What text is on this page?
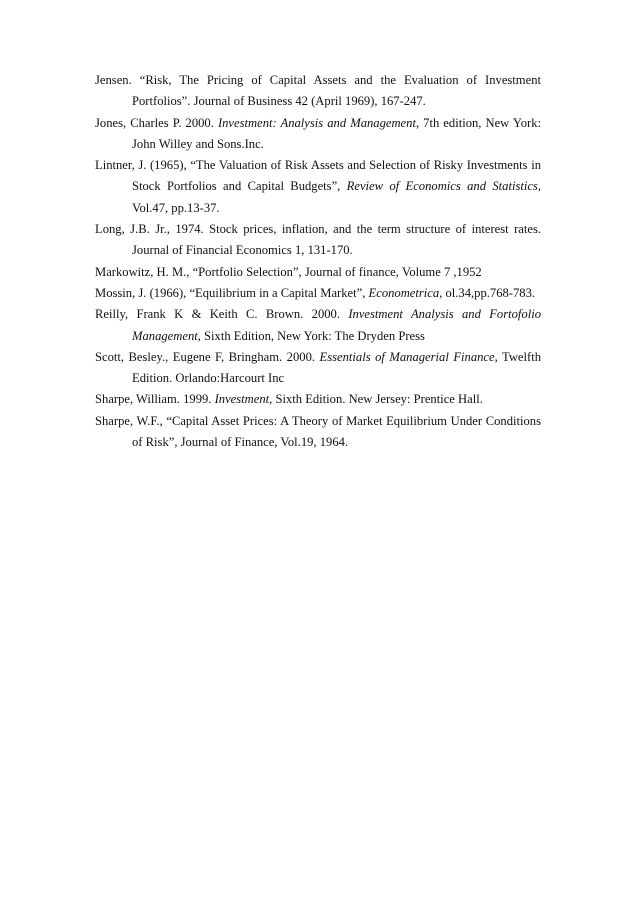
Jensen. “Risk, The Pricing of Capital Assets and the Evaluation of Investment Portfolios”. Journal of Business 42 (April 1969), 167-247.

Jones, Charles P. 2000. Investment: Analysis and Management, 7th edition, New York: John Willey and Sons.Inc.

Lintner, J. (1965), “The Valuation of Risk Assets and Selection of Risky Investments in Stock Portfolios and Capital Budgets”, Review of Economics and Statistics, Vol.47, pp.13-37.

Long, J.B. Jr., 1974. Stock prices, inflation, and the term structure of interest rates. Journal of Financial Economics 1, 131-170.

Markowitz, H. M., “Portfolio Selection”, Journal of finance, Volume 7 ,1952

Mossin, J. (1966), “Equilibrium in a Capital Market”, Econometrica, ol.34,pp.768-783.

Reilly, Frank K & Keith C. Brown. 2000. Investment Analysis and Fortofolio Management, Sixth Edition, New York: The Dryden Press

Scott, Besley., Eugene F, Bringham. 2000. Essentials of Managerial Finance, Twelfth Edition. Orlando:Harcourt Inc

Sharpe, William. 1999. Investment, Sixth Edition. New Jersey: Prentice Hall.

Sharpe, W.F., “Capital Asset Prices: A Theory of Market Equilibrium Under Conditions of Risk”, Journal of Finance, Vol.19, 1964.
